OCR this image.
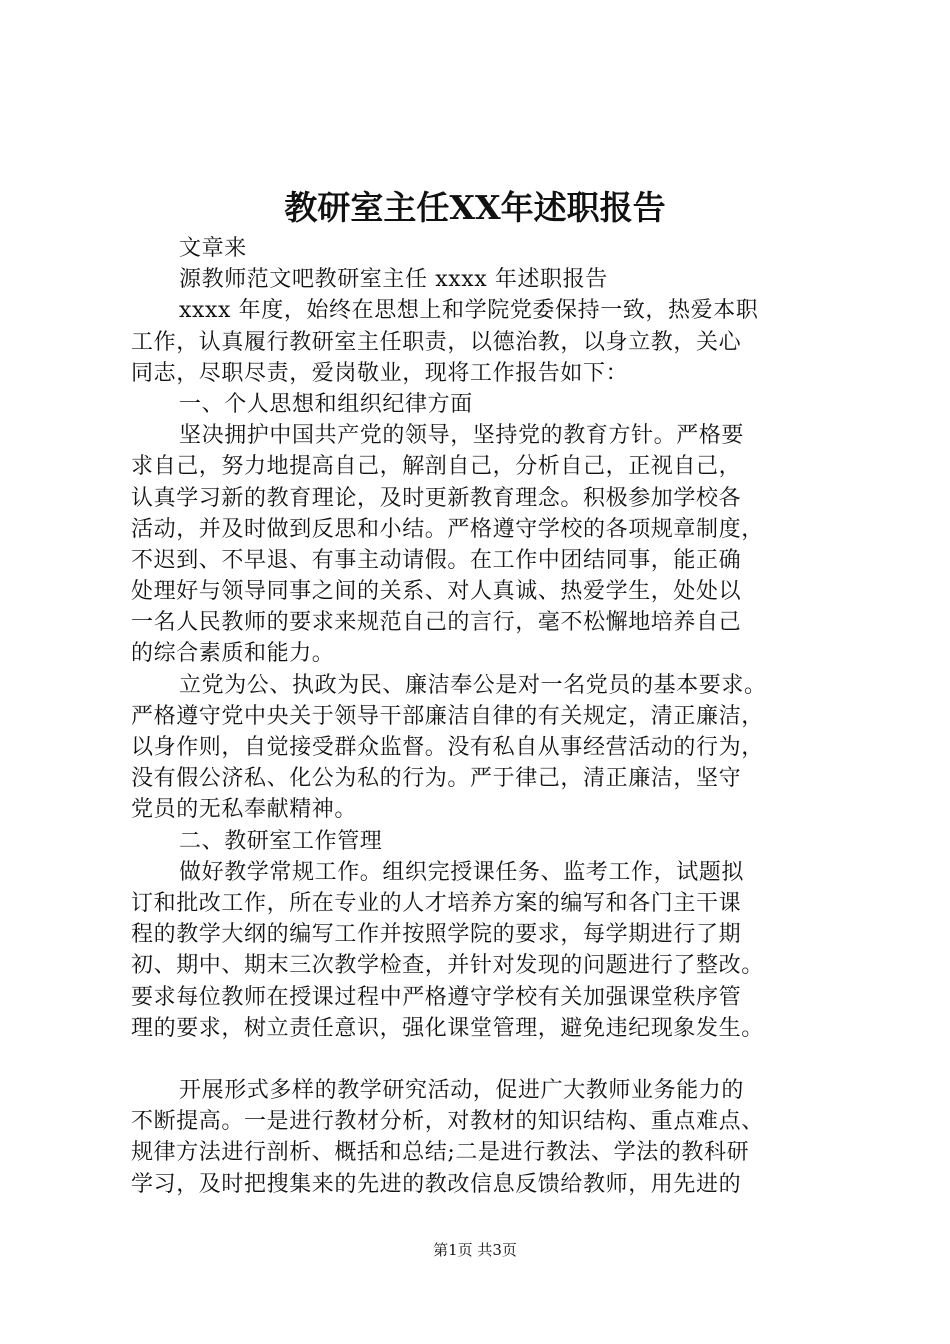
教研室主任XX年述职报告
文章来
源教师范文吧教研室主任 xxxx 年述职报告
xxxx 年度，始终在思想上和学院党委保持一致，热爱本职
工作，认真履行教研室主任职责，以德治教，以身立教，关心
同志，尽职尽责，爱岗敬业，现将工作报告如下：
一、个人思想和组织纪律方面
坚决拥护中国共产党的领导，坚持党的教育方针。严格要
求自己，努力地提高自己，解剖自己，分析自己，正视自己，
认真学习新的教育理论，及时更新教育理念。积极参加学校各
活动，并及时做到反思和小结。严格遵守学校的各项规章制度，
不迟到、不早退、有事主动请假。在工作中团结同事，能正确
处理好与领导同事之间的关系、对人真诚、热爱学生，处处以
一名人民教师的要求来规范自己的言行，毫不松懈地培养自己
的综合素质和能力。
立党为公、执政为民、廉洁奉公是对一名党员的基本要求。
严格遵守党中央关于领导干部廉洁自律的有关规定，清正廉洁，
以身作则，自觉接受群众监督。没有私自从事经营活动的行为，
没有假公济私、化公为私的行为。严于律己，清正廉洁，坚守
党员的无私奉献精神。
二、教研室工作管理
做好教学常规工作。组织完授课任务、监考工作，试题拟
订和批改工作，所在专业的人才培养方案的编写和各门主干课
程的教学大纲的编写工作并按照学院的要求，每学期进行了期
初、期中、期末三次教学检查，并针对发现的问题进行了整改。
要求每位教师在授课过程中严格遵守学校有关加强课堂秩序管
理的要求，树立责任意识，强化课堂管理，避免违纪现象发生。
开展形式多样的教学研究活动，促进广大教师业务能力的
不断提高。一是进行教材分析，对教材的知识结构、重点难点、
规律方法进行剖析、概括和总结;二是进行教法、学法的教科研
学习，及时把搜集来的先进的教改信息反馈给教师，用先进的
第1页 共3页
